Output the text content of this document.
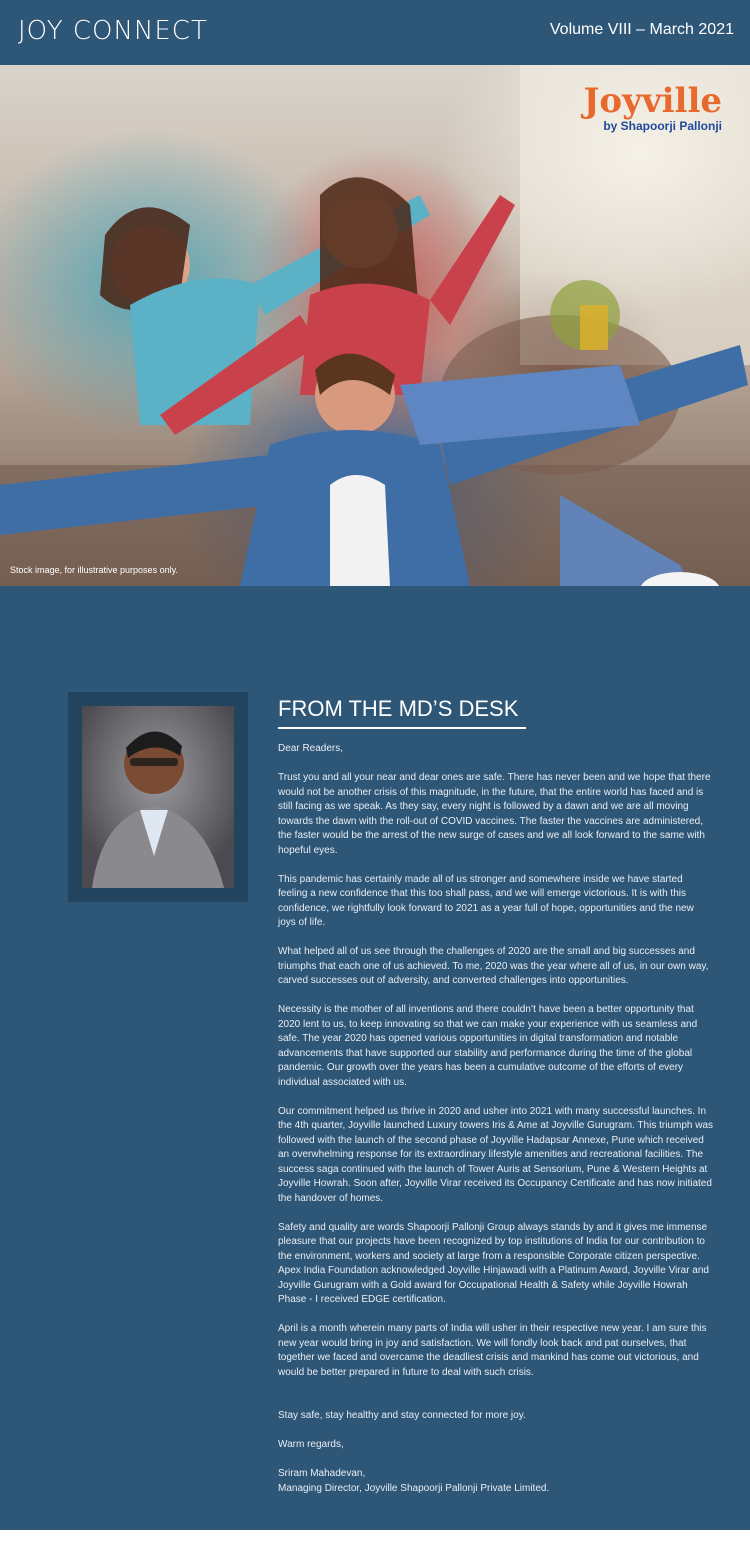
JOY CONNECT	Volume VIII – March 2021
Joyville
by Shapoorji Pallonji
Stock image, for illustrative purposes only.
FROM THE MD’S DESK

Dear Readers,

Trust you and all your near and dear ones are safe. There has never been and we hope that there would not be another crisis of this magnitude, in the future, that the entire world has faced and is still facing as we speak. As they say, every night is followed by a dawn and we are all moving towards the dawn with the roll-out of COVID vaccines. The faster the vaccines are administered, the faster would be the arrest of the new surge of cases and we all look forward to the same with hopeful eyes.

This pandemic has certainly made all of us stronger and somewhere inside we have started feeling a new confidence that this too shall pass, and we will emerge victorious. It is with this confidence, we rightfully look forward to 2021 as a year full of hope, opportunities and the new joys of life.

What helped all of us see through the challenges of 2020 are the small and big successes and triumphs that each one of us achieved. To me, 2020 was the year where all of us, in our own way, carved successes out of adversity, and converted challenges into opportunities.

Necessity is the mother of all inventions and there couldn’t have been a better opportunity that 2020 lent to us, to keep innovating so that we can make your experience with us seamless and safe. The year 2020 has opened various opportunities in digital transformation and notable advancements that have supported our stability and performance during the time of the global pandemic. Our growth over the years has been a cumulative outcome of the efforts of every individual associated with us.

Our commitment helped us thrive in 2020 and usher into 2021 with many successful launches. In the 4th quarter, Joyville launched Luxury towers Iris & Ame at Joyville Gurugram. This triumph was followed with the launch of the second phase of Joyville Hadapsar Annexe, Pune which received an overwhelming response for its extraordinary lifestyle amenities and recreational facilities. The success saga continued with the launch of Tower Auris at Sensorium, Pune & Western Heights at Joyville Howrah. Soon after, Joyville Virar received its Occupancy Certificate and has now initiated the handover of homes.

Safety and quality are words Shapoorji Pallonji Group always stands by and it gives me immense pleasure that our projects have been recognized by top institutions of India for our contribution to the environment, workers and society at large from a responsible Corporate citizen perspective. Apex India Foundation acknowledged Joyville Hinjawadi with a Platinum Award, Joyville Virar and Joyville Gurugram with a Gold award for Occupational Health & Safety while Joyville Howrah Phase - I received EDGE certification.

April is a month wherein many parts of India will usher in their respective new year. I am sure this new year would bring in joy and satisfaction. We will fondly look back and pat ourselves, that together we faced and overcame the deadliest crisis and mankind has come out victorious, and would be better prepared in future to deal with such crisis.

Stay safe, stay healthy and stay connected for more joy.

Warm regards,

Sriram Mahadevan,
Managing Director, Joyville Shapoorji Pallonji Private Limited.
